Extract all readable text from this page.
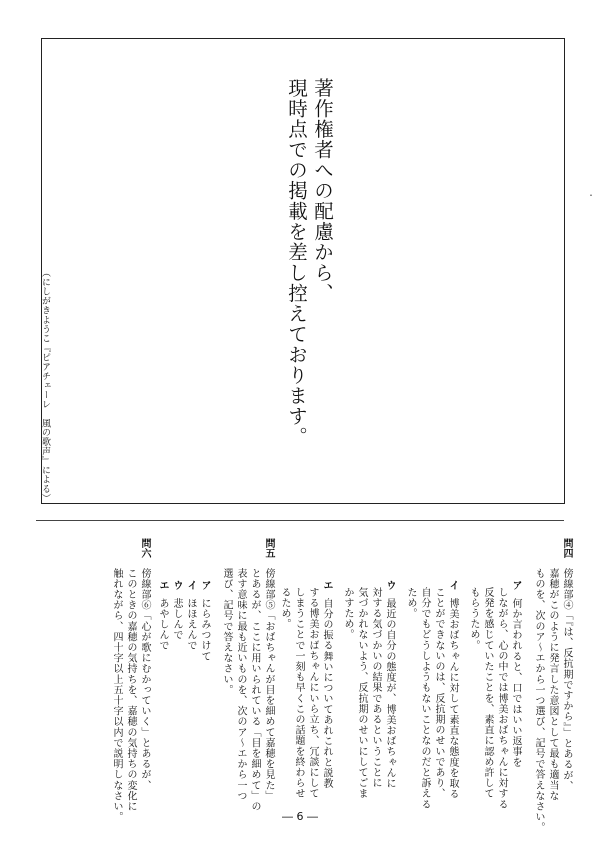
著作権者への配慮から、
現時点での掲載を差し控えております。
（にしがきようこ『ピアチェーレ　風の歌声』による）
・
問四
傍線部④「『は、反抗期ですから』」とあるが、
嘉穂がこのように発言した意図として最も適当な
ものを、次のア〜エから一つ選び、記号で答えなさい。
ア
何か言われると、口ではいい返事を
しながら、心の中では博美おばちゃんに対する
反発を感じていたことを、素直に認め許して
もらうため。
イ
博美おばちゃんに対して素直な態度を取る
ことができないのは、反抗期のせいであり、
自分でもどうしようもないことなのだと訴える
ため。
ウ
最近の自分の態度が、博美おばちゃんに
対する気づかいの結果であるということに
気づかれないよう、反抗期のせいにしてごま
かすため。
エ
自分の振る舞いについてあれこれと説教
する博美おばちゃんにいら立ち、冗談にして
しまうことで一刻も早くこの話題を終わらせ
るため。
問五
傍線部⑤「おばちゃんが目を細めて嘉穂を見た」
とあるが、ここに用いられている「目を細めて」の
表す意味に最も近いものを、次のア〜エから一つ
選び、記号で答えなさい。
ア
にらみつけて
イ
ほほえんで
ウ
悲しんで
エ
あやしんで
問六
傍線部⑥「心が歌にむかっていく」とあるが、
このときの嘉穂の気持ちを、嘉穂の気持ちの変化に
触れながら、四十字以上五十字以内で説明しなさい。	― 6 ―
